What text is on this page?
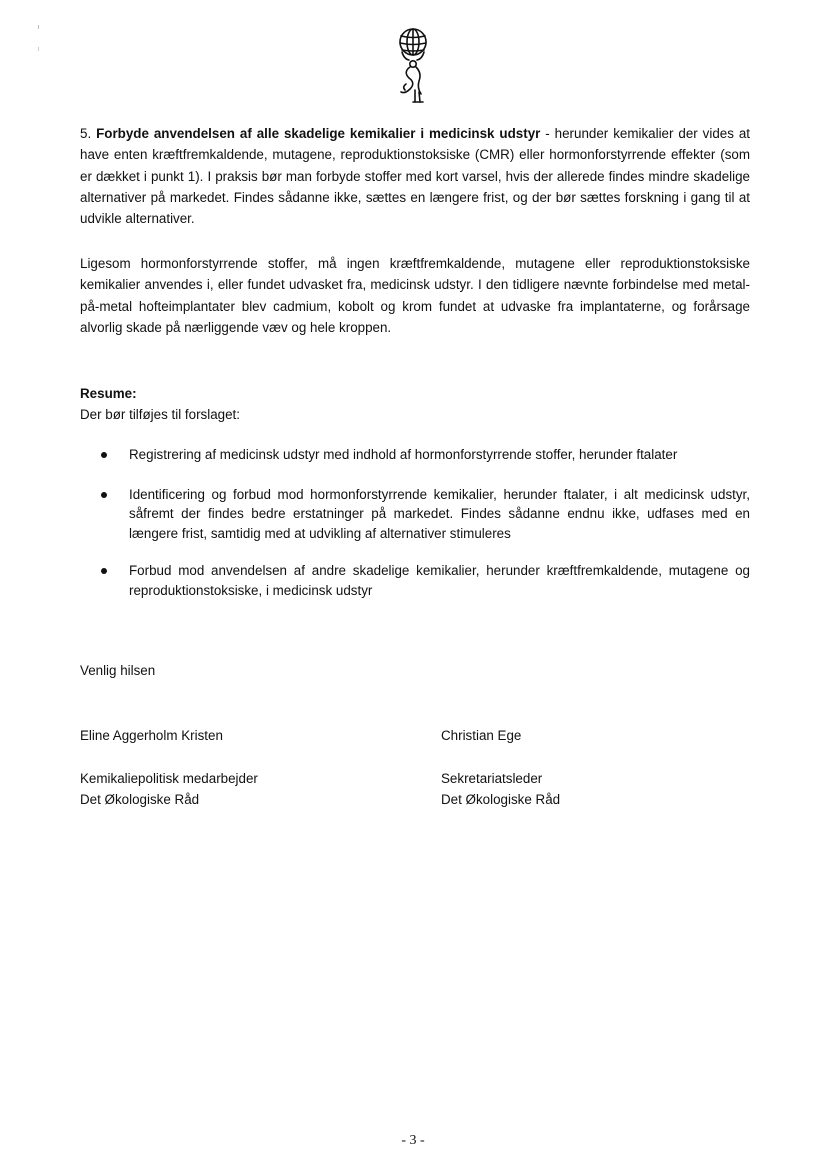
5. Forbyde anvendelsen af alle skadelige kemikalier i medicinsk udstyr - herunder kemikalier der vides at have enten kræftfremkaldende, mutagene, reproduktionstoksiske (CMR) eller hormonforstyrrende effekter (som er dækket i punkt 1). I praksis bør man forbyde stoffer med kort varsel, hvis der allerede findes mindre skadelige alternativer på markedet. Findes sådanne ikke, sættes en længere frist, og der bør sættes forskning i gang til at udvikle alternativer.
Ligesom hormonforstyrrende stoffer, må ingen kræftfremkaldende, mutagene eller reproduktionstoksiske kemikalier anvendes i, eller fundet udvasket fra, medicinsk udstyr. I den tidligere nævnte forbindelse med metal-på-metal hofteimplantater blev cadmium, kobolt og krom fundet at udvaske fra implantaterne, og forårsage alvorlig skade på nærliggende væv og hele kroppen.
Resume:
Der bør tilføjes til forslaget:
Registrering af medicinsk udstyr med indhold af hormonforstyrrende stoffer, herunder ftalater
Identificering og forbud mod hormonforstyrrende kemikalier, herunder ftalater, i alt medicinsk udstyr, såfremt der findes bedre erstatninger på markedet. Findes sådanne endnu ikke, udfases med en længere frist, samtidig med at udvikling af alternativer stimuleres
Forbud mod anvendelsen af andre skadelige kemikalier, herunder kræftfremkaldende, mutagene og reproduktionstoksiske, i medicinsk udstyr
Venlig hilsen
Eline Aggerholm Kristen	Christian Ege
Kemikaliepolitisk medarbejder
Det Økologiske Råd
Sekretariatsleder
Det Økologiske Råd
- 3 -
